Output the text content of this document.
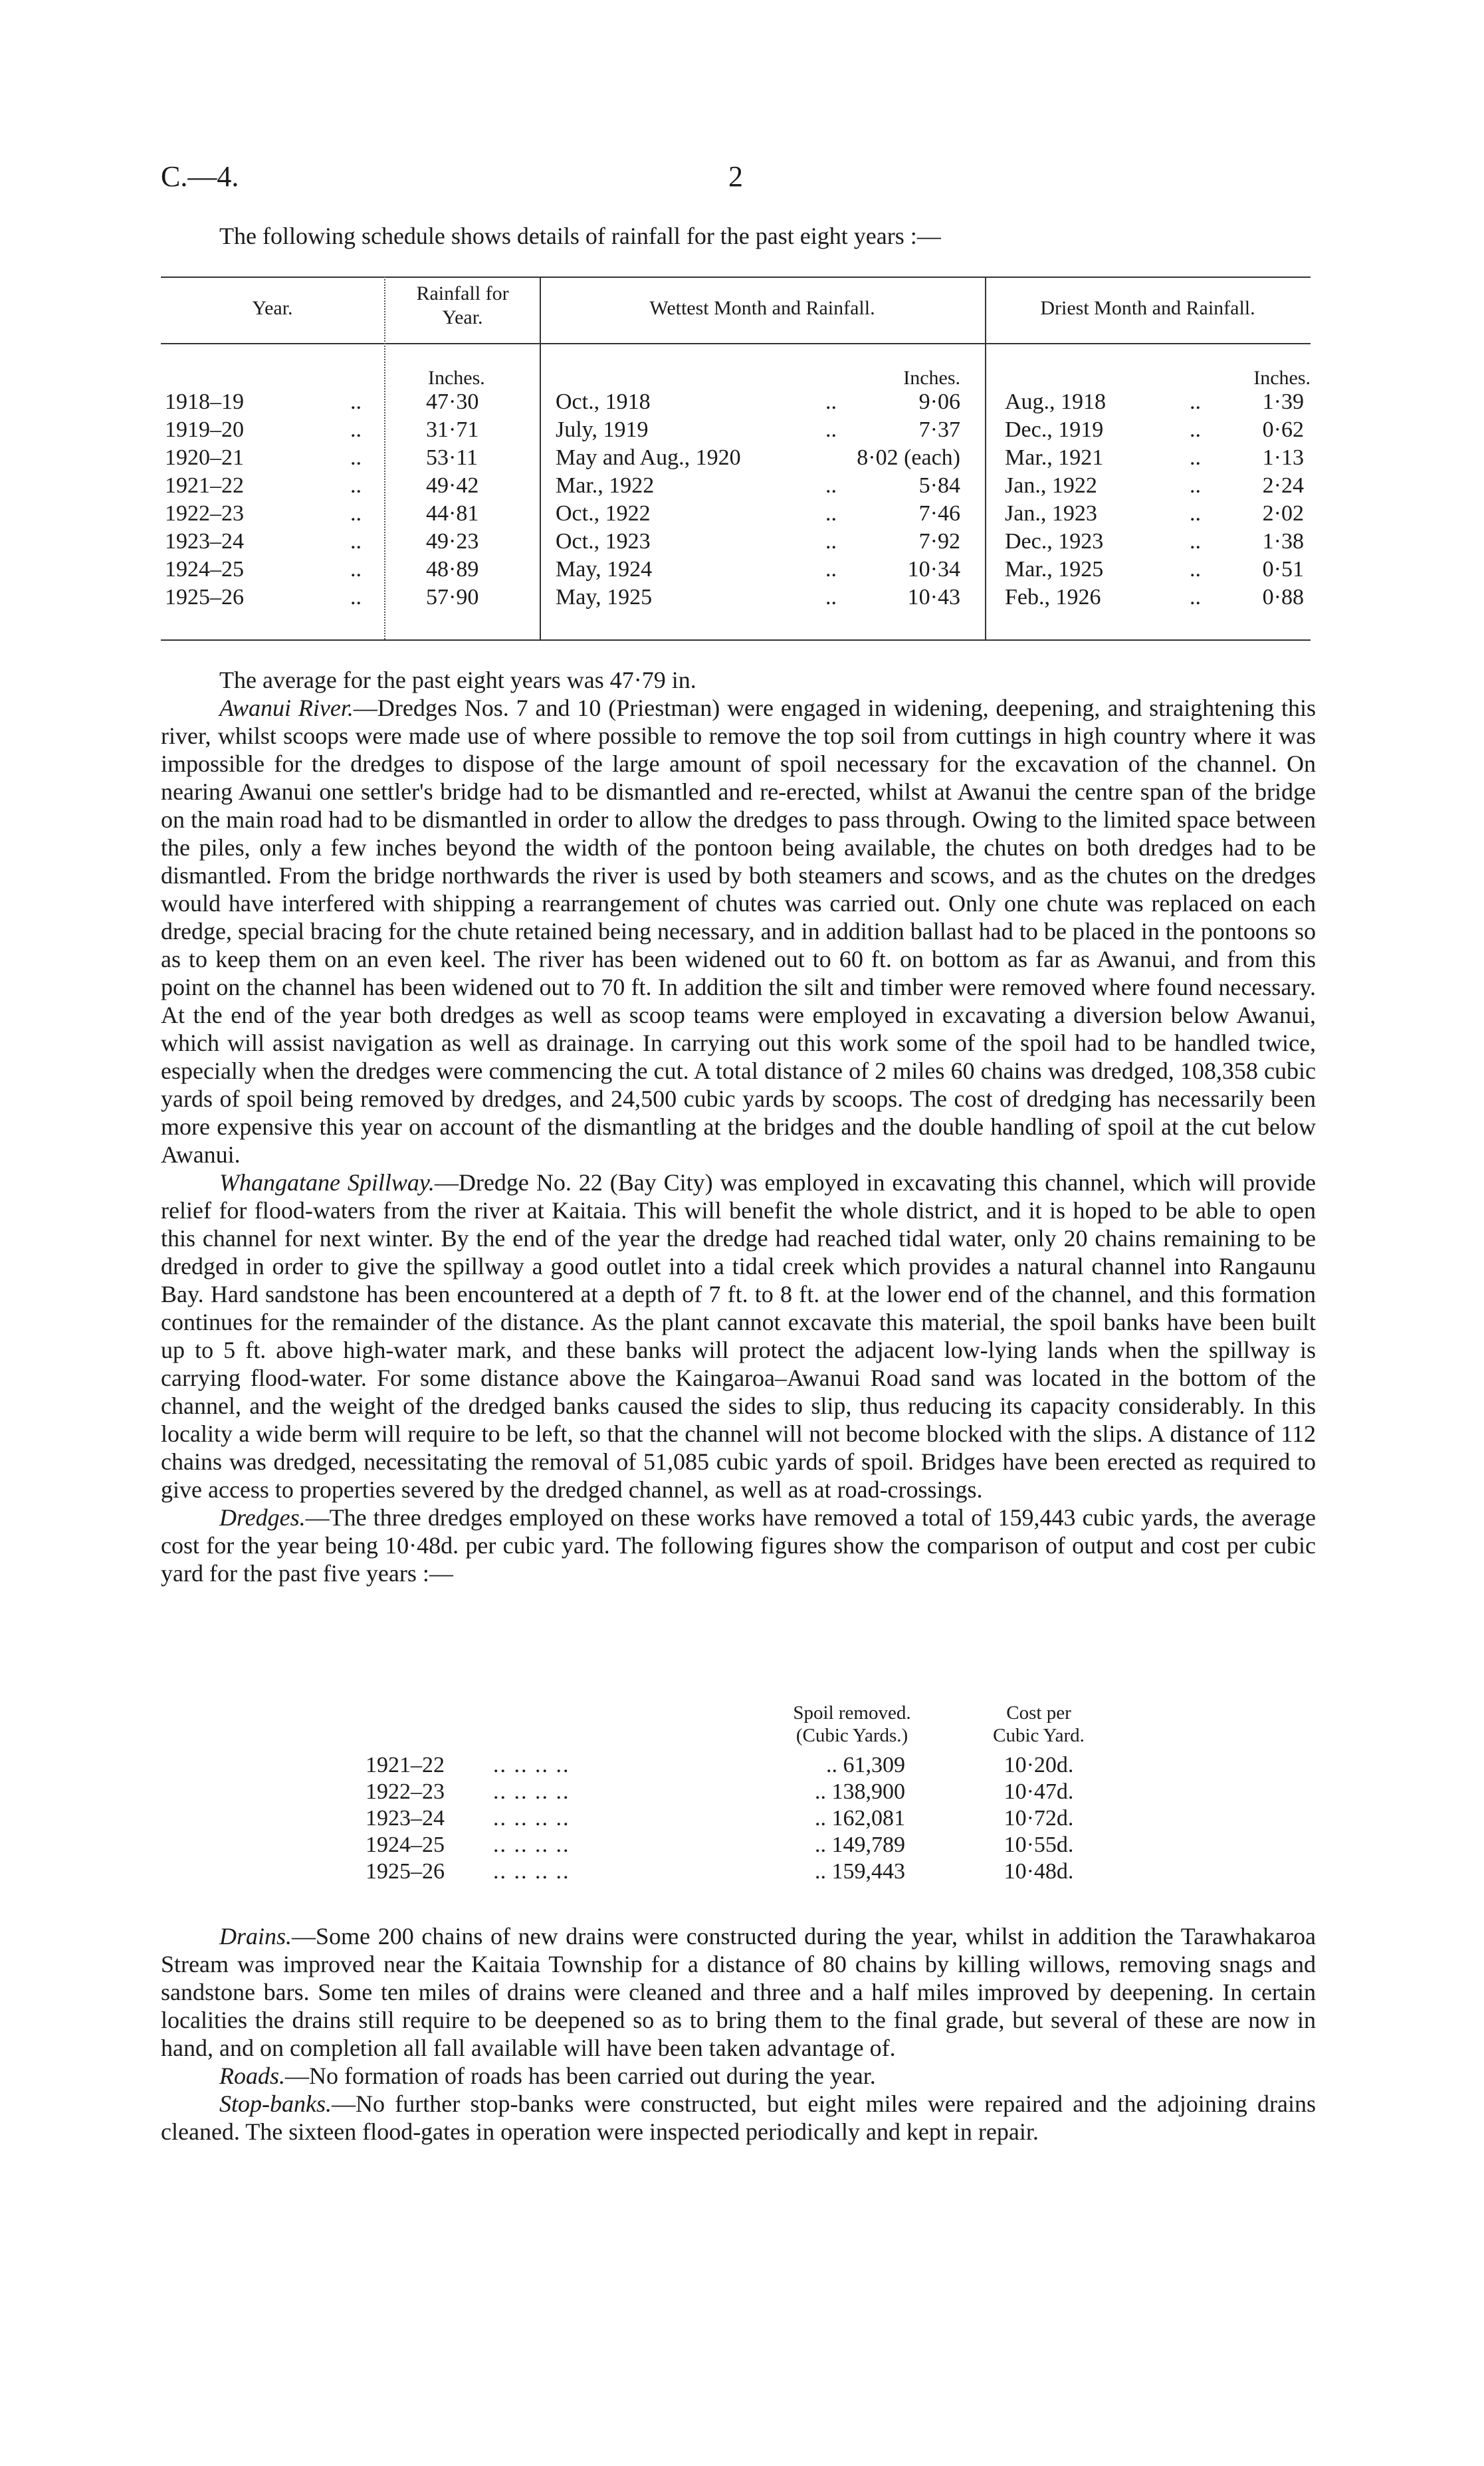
C.—4.	2
The following schedule shows details of rainfall for the past eight years :—
Year.
Rainfall for Year.	Wettest Month and Rainfall.	Driest Month and Rainfall.
Inches.	Inches.	Inches.
1918–19	..	47·30	Oct., 1918	..	9·06 Aug., 1918	..	1·39
1919–20	..	31·71	July, 1919	..	7·37 Dec., 1919	..	0·62
1920–21	..	53·11	May and Aug., 1920	8·02 (each) Mar., 1921	..	1·13
1921–22	..	49·42	Mar., 1922	..	5·84 Jan., 1922	..	2·24
1922–23	..	44·81	Oct., 1922	..	7·46 Jan., 1923	..	2·02
1923–24	..	49·23	Oct., 1923	..	7·92 Dec., 1923	..	1·38
1924–25	..	48·89	May, 1924	..	10·34 Mar., 1925	..	0·51
1925–26	..	57·90	May, 1925	..	10·43 Feb., 1926	..	0·88

The average for the past eight years was 47·79 in.

Awanui River.—Dredges Nos. 7 and 10 (Priestman) were engaged in widening, deepening, and straightening this river, whilst scoops were made use of where possible to remove the top soil from cuttings in high country where it was impossible for the dredges to dispose of the large amount of spoil necessary for the excavation of the channel. On nearing Awanui one settler's bridge had to be dismantled and re-erected, whilst at Awanui the centre span of the bridge on the main road had to be dismantled in order to allow the dredges to pass through. Owing to the limited space between the piles, only a few inches beyond the width of the pontoon being available, the chutes on both dredges had to be dismantled. From the bridge northwards the river is used by both steamers and scows, and as the chutes on the dredges would have interfered with shipping a rearrangement of chutes was carried out. Only one chute was replaced on each dredge, special bracing for the chute retained being necessary, and in addition ballast had to be placed in the pontoons so as to keep them on an even keel. The river has been widened out to 60 ft. on bottom as far as Awanui, and from this point on the channel has been widened out to 70 ft. In addition the silt and timber were removed where found necessary. At the end of the year both dredges as well as scoop teams were employed in excavating a diversion below Awanui, which will assist navigation as well as drainage. In carrying out this work some of the spoil had to be handled twice, especially when the dredges were commencing the cut. A total distance of 2 miles 60 chains was dredged, 108,358 cubic yards of spoil being removed by dredges, and 24,500 cubic yards by scoops. The cost of dredging has necessarily been more expensive this year on account of the dismantling at the bridges and the double handling of spoil at the cut below Awanui.

Whangatane Spillway.—Dredge No. 22 (Bay City) was employed in excavating this channel, which will provide relief for flood-waters from the river at Kaitaia. This will benefit the whole district, and it is hoped to be able to open this channel for next winter. By the end of the year the dredge had reached tidal water, only 20 chains remaining to be dredged in order to give the spillway a good outlet into a tidal creek which provides a natural channel into Rangaunu Bay. Hard sandstone has been encountered at a depth of 7 ft. to 8 ft. at the lower end of the channel, and this formation continues for the remainder of the distance. As the plant cannot excavate this material, the spoil banks have been built up to 5 ft. above high-water mark, and these banks will protect the adjacent low-lying lands when the spillway is carrying flood-water. For some distance above the Kaingaroa–Awanui Road sand was located in the bottom of the channel, and the weight of the dredged banks caused the sides to slip, thus reducing its capacity considerably. In this locality a wide berm will require to be left, so that the channel will not become blocked with the slips. A distance of 112 chains was dredged, necessitating the removal of 51,085 cubic yards of spoil. Bridges have been erected as required to give access to properties severed by the dredged channel, as well as at road-crossings.

Dredges.—The three dredges employed on these works have removed a total of 159,443 cubic yards, the average cost for the year being 10·48d. per cubic yard. The following figures show the comparison of output and cost per cubic yard for the past five years :—

Spoil removed. (Cubic Yards.)
Cost per Cubic Yard.
1921–22 .. .. .. ..	.. 61,309	10·20d.
1922–23 .. .. .. ..	.. 138,900	10·47d.
1923–24 .. .. .. ..	.. 162,081	10·72d.
1924–25 .. .. .. ..	.. 149,789	10·55d.
1925–26 .. .. .. ..	.. 159,443	10·48d.

Drains.—Some 200 chains of new drains were constructed during the year, whilst in addition the Tarawhakaroa Stream was improved near the Kaitaia Township for a distance of 80 chains by killing willows, removing snags and sandstone bars. Some ten miles of drains were cleaned and three and a half miles improved by deepening. In certain localities the drains still require to be deepened so as to bring them to the final grade, but several of these are now in hand, and on completion all fall available will have been taken advantage of.

Roads.—No formation of roads has been carried out during the year.

Stop-banks.—No further stop-banks were constructed, but eight miles were repaired and the adjoining drains cleaned. The sixteen flood-gates in operation were inspected periodically and kept in repair.
